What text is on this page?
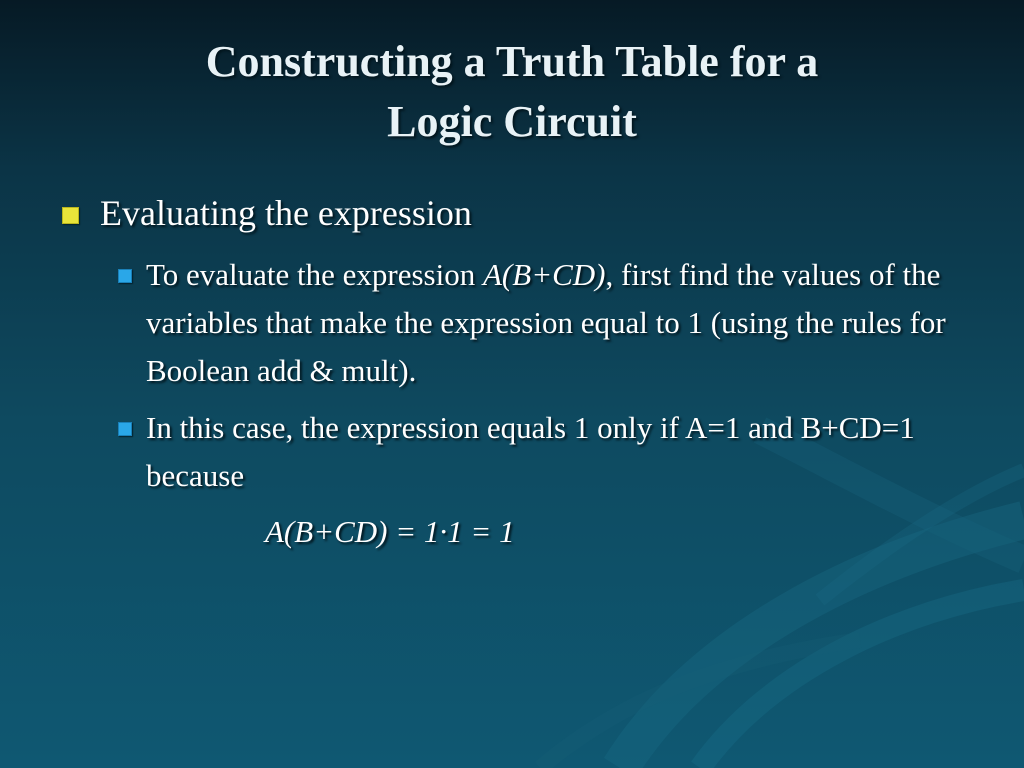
Constructing a Truth Table for a
Logic Circuit
Evaluating the expression
To evaluate the expression A(B+CD), first find the values of the variables that make the expression equal to 1 (using the rules for Boolean add & mult).
In this case, the expression equals 1 only if A=1 and B+CD=1 because
A(B+CD) = 1·1 = 1
